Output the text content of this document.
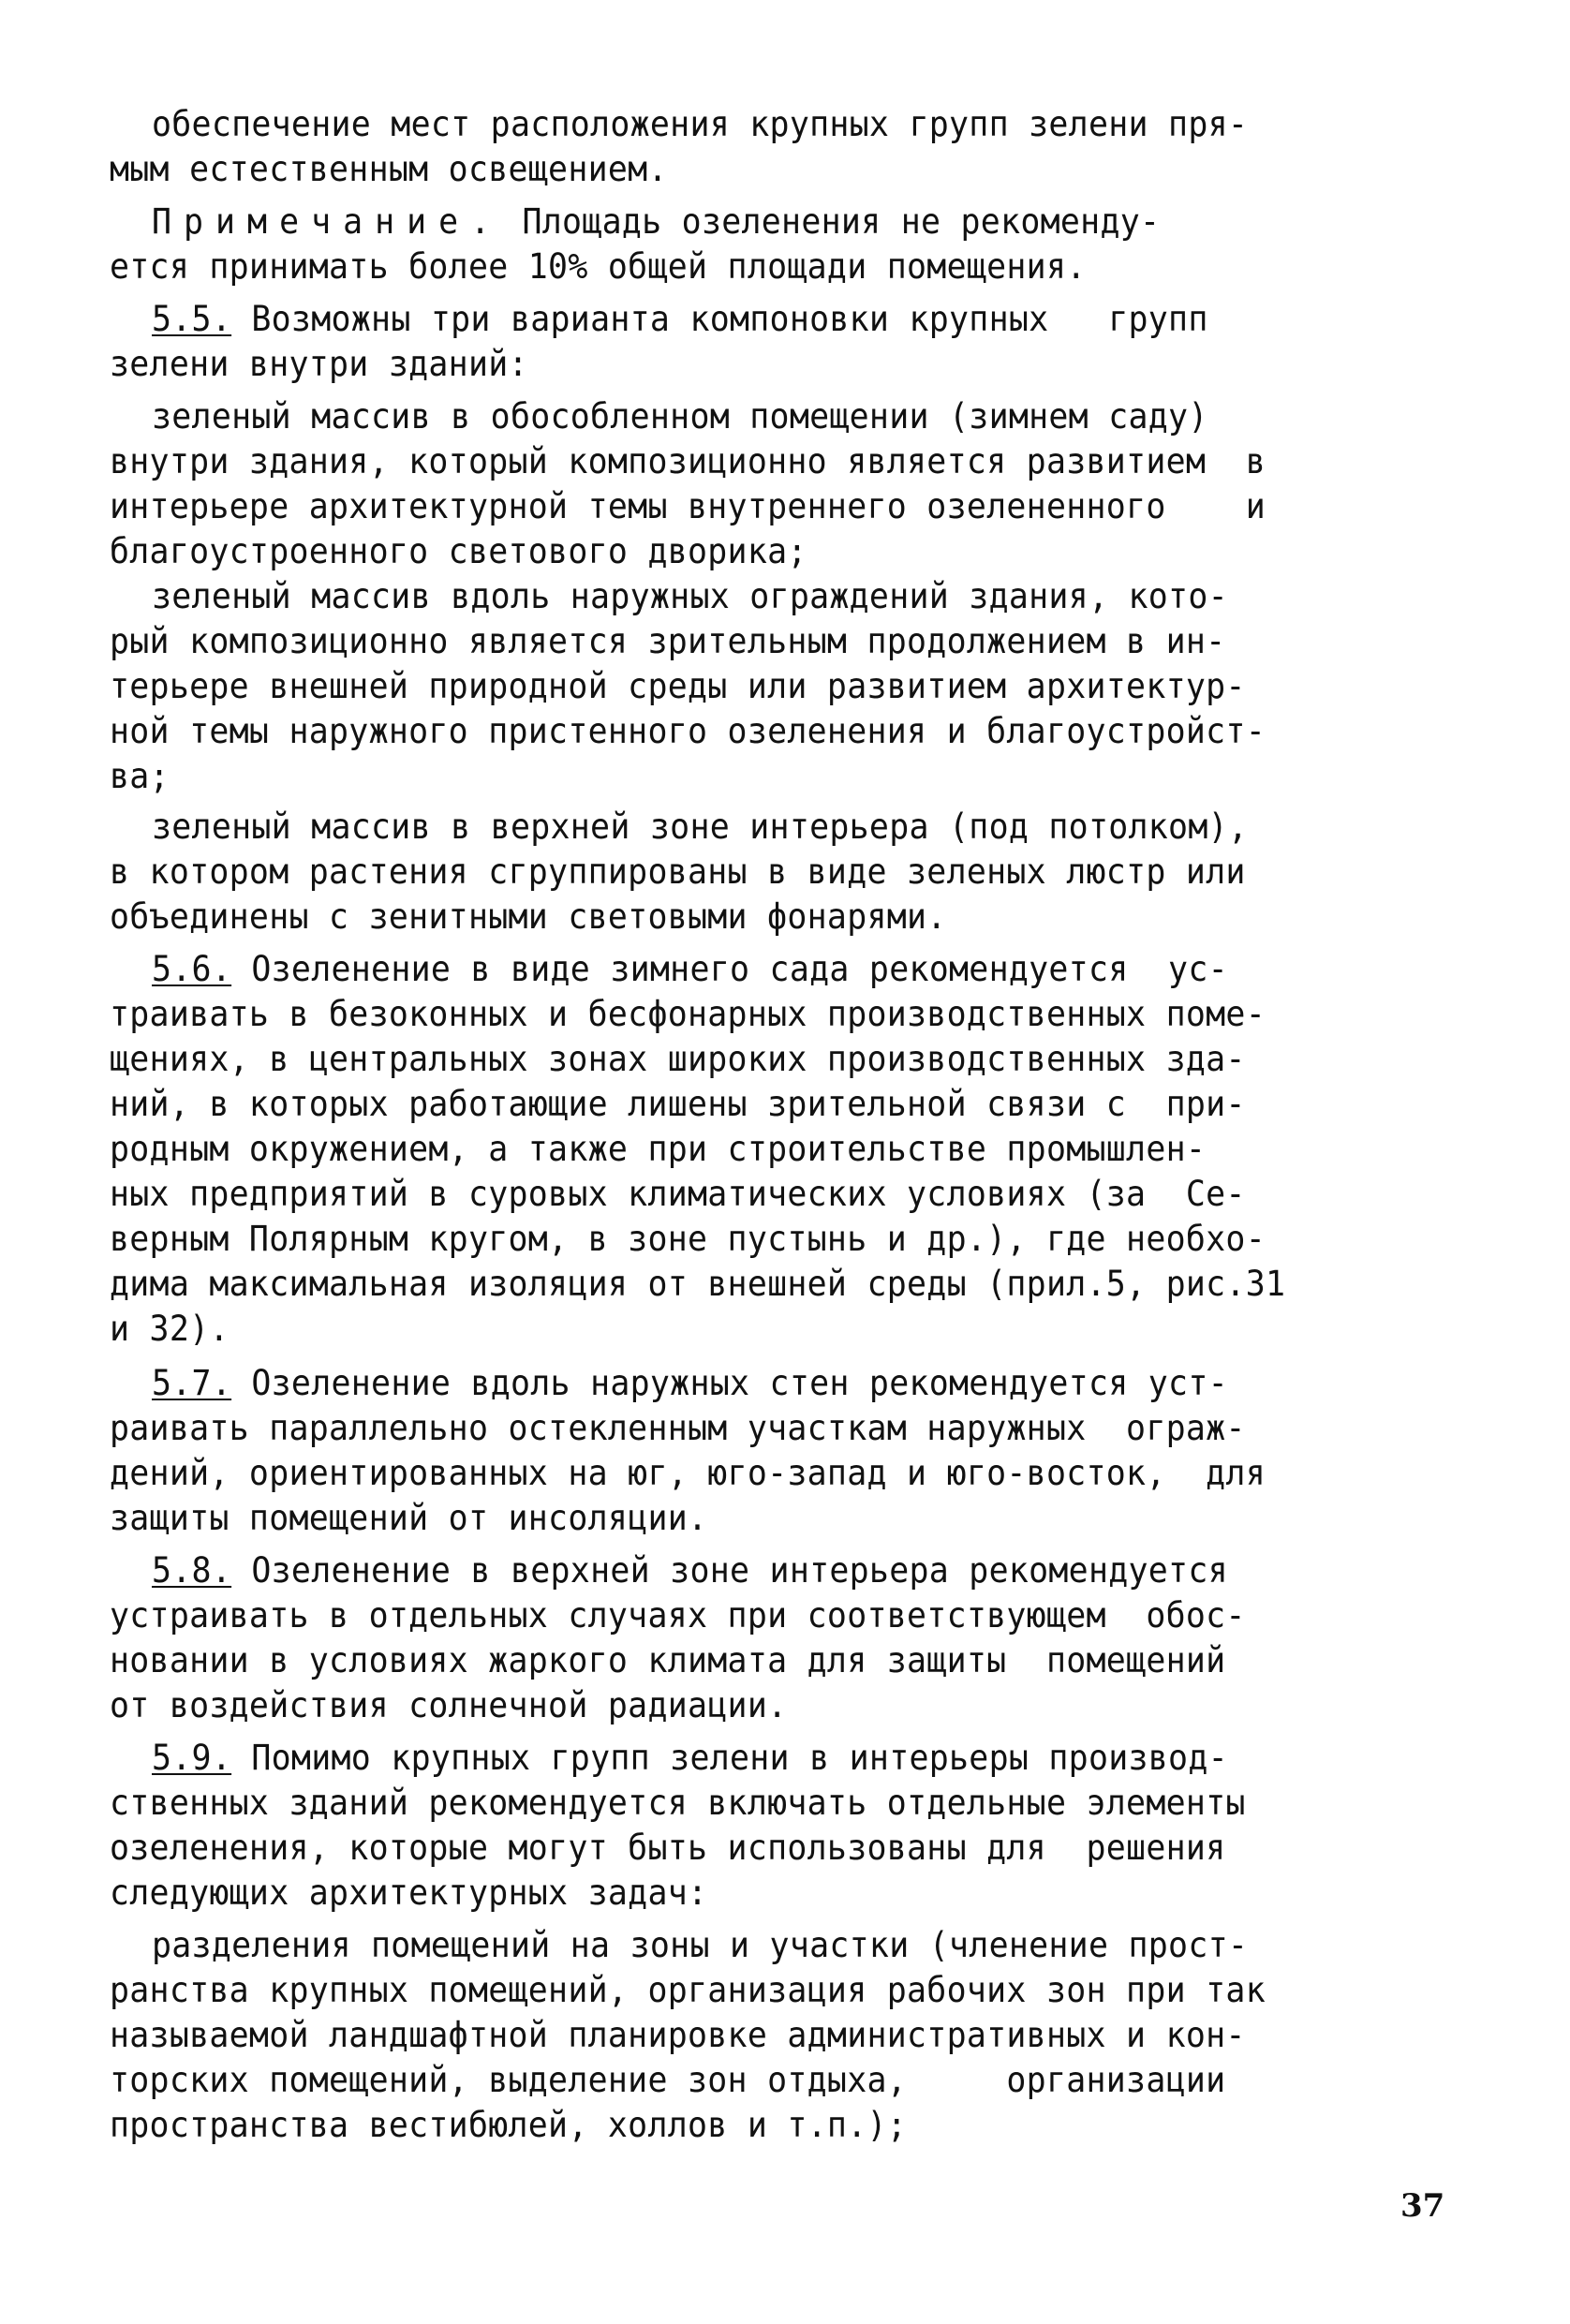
обеспечение мест расположения крупных групп зелени пря-
мым естественным освещением.
Примечание. Площадь озеленения не рекоменду-
ется принимать более 10% общей площади помещения.
5.5. Возможны три варианта компоновки крупных   групп
зелени внутри зданий:
зеленый массив в обособленном помещении (зимнем саду)
внутри здания, который композиционно является развитием  в
интерьере архитектурной темы внутреннего озелененного    и
благоустроенного светового дворика;
зеленый массив вдоль наружных ограждений здания, кото-
рый композиционно является зрительным продолжением в ин-
терьере внешней природной среды или развитием архитектур-
ной темы наружного пристенного озеленения и благоустройст-
ва;
зеленый массив в верхней зоне интерьера (под потолком),
в котором растения сгруппированы в виде зеленых люстр или
объединены с зенитными световыми фонарями.
5.6. Озеленение в виде зимнего сада рекомендуется  ус-
траивать в безоконных и бесфонарных производственных поме-
щениях, в центральных зонах широких производственных зда-
ний, в которых работающие лишены зрительной связи с  при-
родным окружением, а также при строительстве промышлен-
ных предприятий в суровых климатических условиях (за  Се-
верным Полярным кругом, в зоне пустынь и др.), где необхо-
дима максимальная изоляция от внешней среды (прил.5, рис.31
и 32).
5.7. Озеленение вдоль наружных стен рекомендуется уст-
раивать параллельно остекленным участкам наружных  ограж-
дений, ориентированных на юг, юго-запад и юго-восток,  для
защиты помещений от инсоляции.
5.8. Озеленение в верхней зоне интерьера рекомендуется
устраивать в отдельных случаях при соответствующем  обос-
новании в условиях жаркого климата для защиты  помещений
от воздействия солнечной радиации.
5.9. Помимо крупных групп зелени в интерьеры производ-
ственных зданий рекомендуется включать отдельные элементы
озеленения, которые могут быть использованы для  решения
следующих архитектурных задач:
разделения помещений на зоны и участки (членение прост-
ранства крупных помещений, организация рабочих зон при так
называемой ландшафтной планировке административных и кон-
торских помещений, выделение зон отдыха,     организации
пространства вестибюлей, холлов и т.п.);
37
